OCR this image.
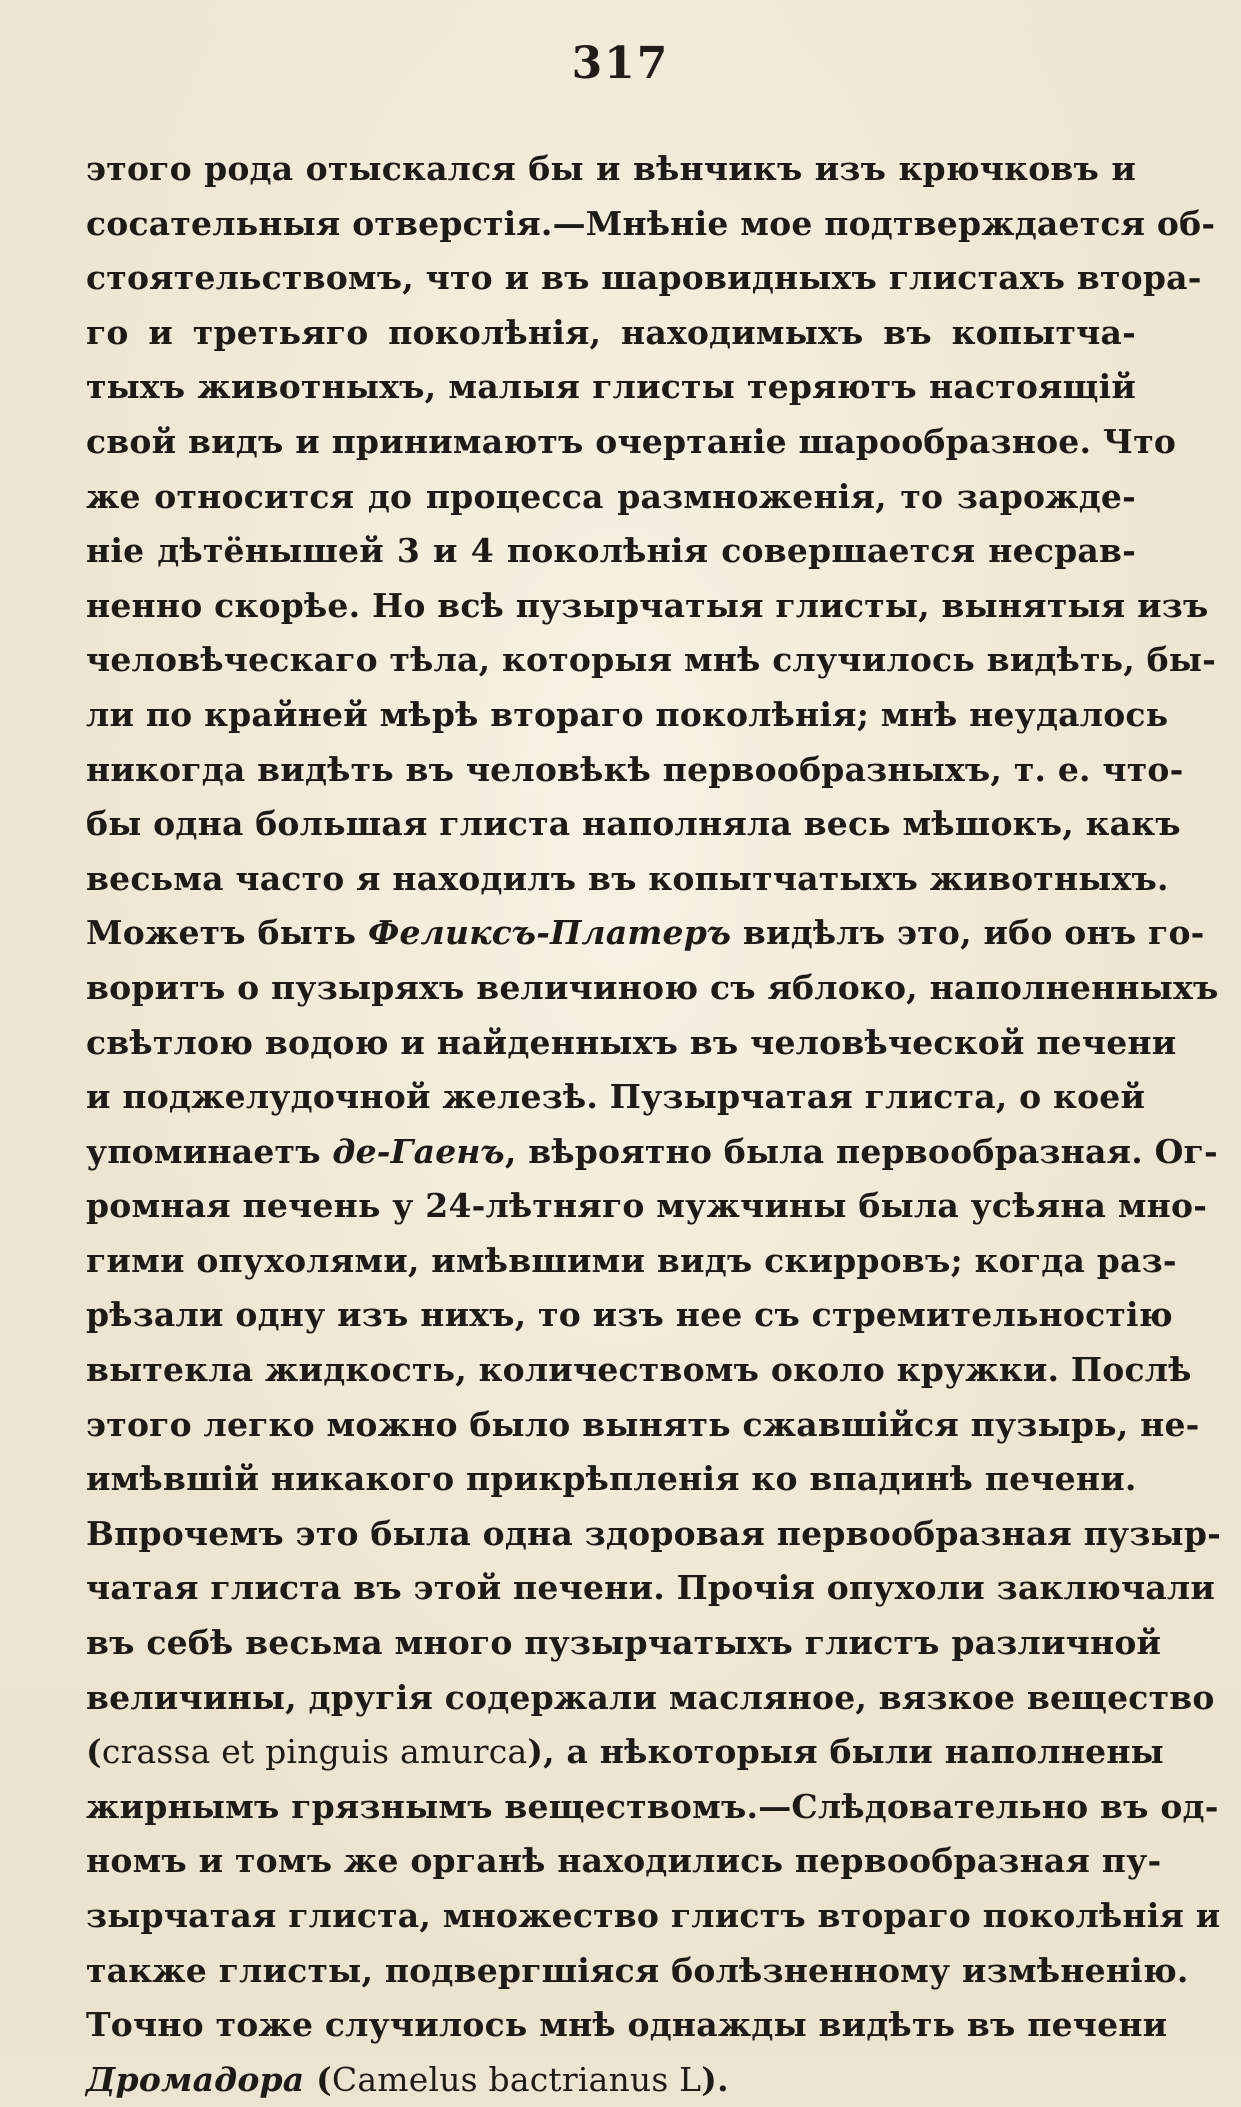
317
этого рода отыскался бы и вѣнчикъ изъ крючковъ и
сосательныя отверстія.—Мнѣніе мое подтверждается об-
стоятельствомъ, что и въ шаровидныхъ глистахъ втора-
го и третьяго поколѣнія, находимыхъ въ копытча-
тыхъ животныхъ, малыя глисты теряютъ настоящій
свой видъ и принимаютъ очертаніе шарообразное. Что
же относится до процесса размноженія, то зарожде-
ніе дѣтёнышей 3 и 4 поколѣнія совершается несрав-
ненно скорѣе. Но всѣ пузырчатыя глисты, вынятыя изъ
человѣческаго тѣла, которыя мнѣ случилось видѣть, бы-
ли по крайней мѣрѣ втораго поколѣнія; мнѣ неудалось
никогда видѣть въ человѣкѣ первообразныхъ, т. е. что-
бы одна большая глиста наполняла весь мѣшокъ, какъ
весьма часто я находилъ въ копытчатыхъ животныхъ.
Можетъ быть Феликсъ-Платеръ видѣлъ это, ибо онъ го-
воритъ о пузыряхъ величиною съ яблоко, наполненныхъ
свѣтлою водою и найденныхъ въ человѣческой печени
и поджелудочной железѣ. Пузырчатая глиста, о коей
упоминаетъ де-Гаенъ, вѣроятно была первообразная. Ог-
ромная печень у 24-лѣтняго мужчины была усѣяна мно-
гими опухолями, имѣвшими видъ скирровъ; когда раз-
рѣзали одну изъ нихъ, то изъ нее съ стремительностію
вытекла жидкость, количествомъ около кружки. Послѣ
этого легко можно было вынять сжавшійся пузырь, не-
имѣвшій никакого прикрѣпленія ко впадинѣ печени.
Впрочемъ это была одна здоровая первообразная пузыр-
чатая глиста въ этой печени. Прочія опухоли заключали
въ себѣ весьма много пузырчатыхъ глистъ различной
величины, другія содержали масляное, вязкое вещество
(crassa et pinguis amurca), а нѣкоторыя были наполнены
жирнымъ грязнымъ веществомъ.—Слѣдовательно въ од-
номъ и томъ же органѣ находились первообразная пу-
зырчатая глиста, множество глистъ втораго поколѣнія и
также глисты, подвергшіяся болѣзненному измѣненію.
Точно тоже случилось мнѣ однажды видѣть въ печени
Дромадора (Camelus bactrianus L).
